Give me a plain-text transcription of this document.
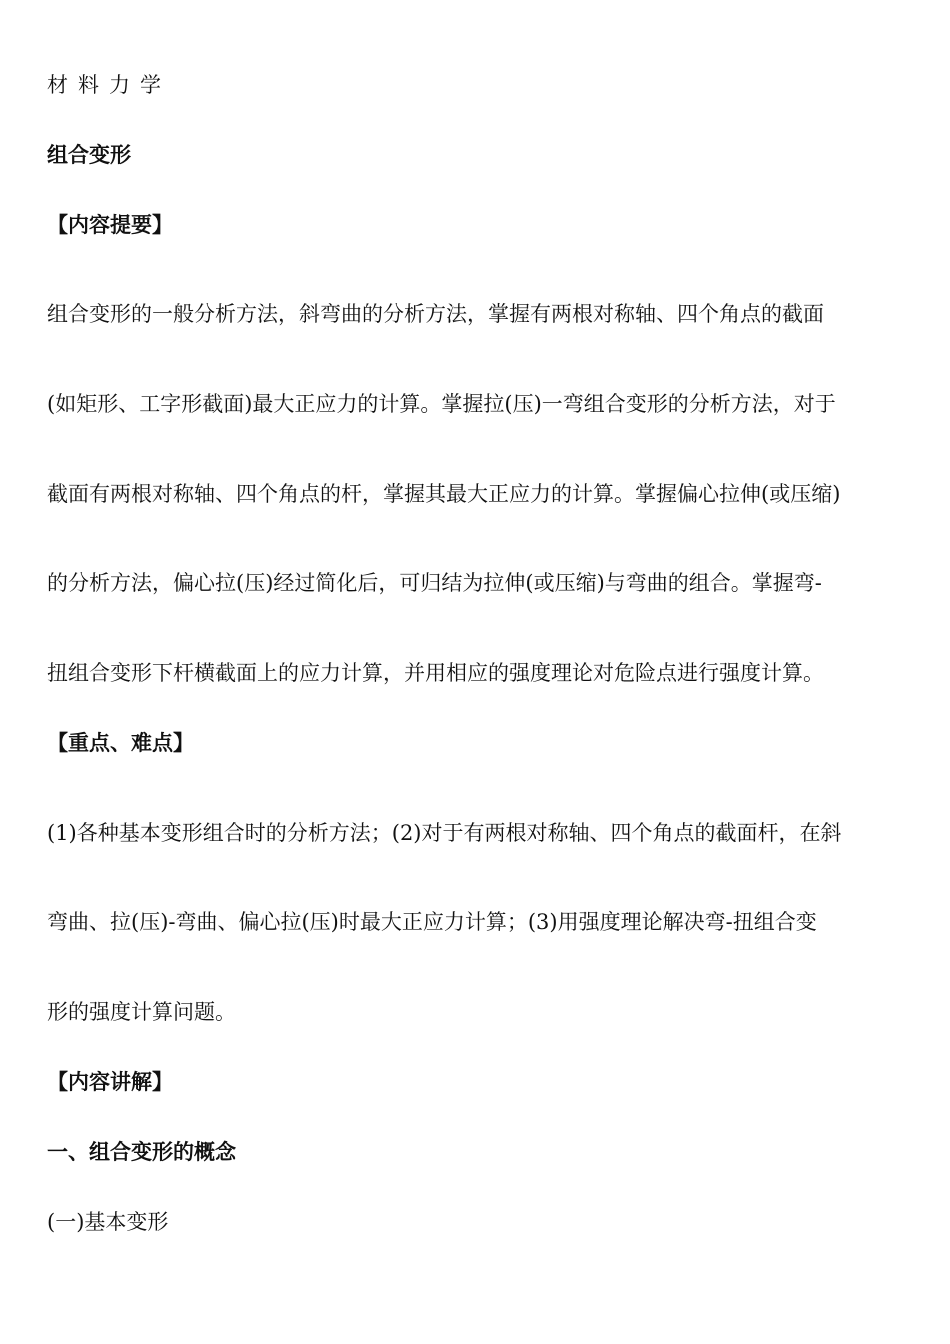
材料力学
组合变形
【内容提要】
组合变形的一般分析方法，斜弯曲的分析方法，掌握有两根对称轴、四个角点的截面
(如矩形、工字形截面)最大正应力的计算。掌握拉(压)一弯组合变形的分析方法，对于
截面有两根对称轴、四个角点的杆，掌握其最大正应力的计算。掌握偏心拉伸(或压缩)
的分析方法，偏心拉(压)经过简化后，可归结为拉伸(或压缩)与弯曲的组合。掌握弯-
扭组合变形下杆横截面上的应力计算，并用相应的强度理论对危险点进行强度计算。
【重点、难点】
(1)各种基本变形组合时的分析方法；(2)对于有两根对称轴、四个角点的截面杆，在斜
弯曲、拉(压)-弯曲、偏心拉(压)时最大正应力计算；(3)用强度理论解决弯-扭组合变
形的强度计算问题。
【内容讲解】
一、组合变形的概念
(一)基本变形
